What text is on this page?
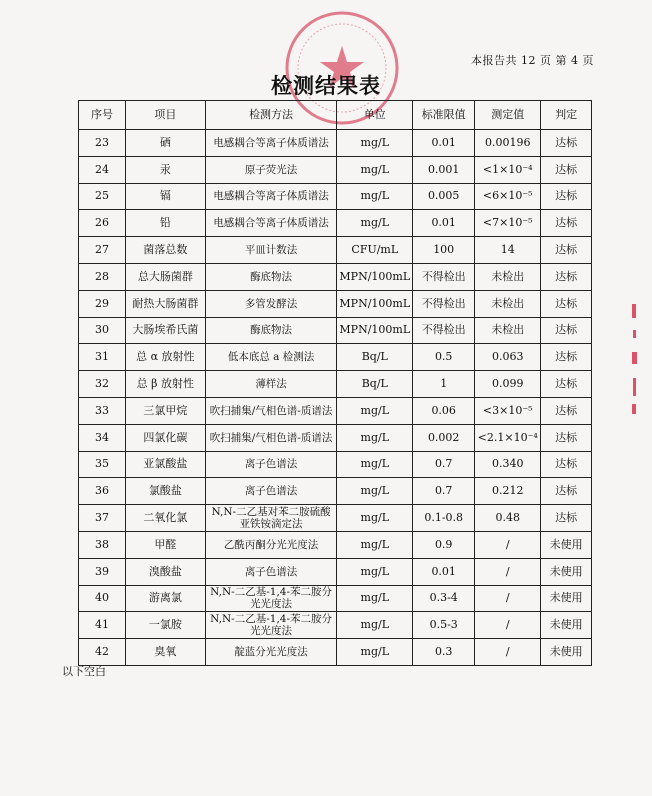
本报告共 12 页 第 4 页
检测结果表
序号	项目	检测方法	单位	标准限值	测定值	判定
23	硒	电感耦合等离子体质谱法	mg/L	0.01	0.00196	达标
24	汞	原子荧光法	mg/L	0.001	<1×10⁻⁴	达标
25	镉	电感耦合等离子体质谱法	mg/L	0.005	<6×10⁻⁵	达标
26	铅	电感耦合等离子体质谱法	mg/L	0.01	<7×10⁻⁵	达标
27	菌落总数	平皿计数法	CFU/mL	100	14	达标
28	总大肠菌群	酶底物法	MPN/100mL	不得检出	未检出	达标
29	耐热大肠菌群	多管发酵法	MPN/100mL	不得检出	未检出	达标
30	大肠埃希氏菌	酶底物法	MPN/100mL	不得检出	未检出	达标
31	总 α 放射性	低本底总 a 检测法	Bq/L	0.5	0.063	达标
32	总 β 放射性	薄样法	Bq/L	1	0.099	达标
33	三氯甲烷	吹扫捕集/气相色谱-质谱法	mg/L	0.06	<3×10⁻⁵	达标
34	四氯化碳	吹扫捕集/气相色谱-质谱法	mg/L	0.002	<2.1×10⁻⁴	达标
35	亚氯酸盐	离子色谱法	mg/L	0.7	0.340	达标
36	氯酸盐	离子色谱法	mg/L	0.7	0.212	达标
37	二氧化氯	N,N-二乙基对苯二胺硫酸亚铁铵滴定法	mg/L	0.1-0.8	0.48	达标
38	甲醛	乙酰丙酮分光光度法	mg/L	0.9	/	未使用
39	溴酸盐	离子色谱法	mg/L	0.01	/	未使用
40	游离氯	N,N-二乙基-1,4-苯二胺分光光度法	mg/L	0.3-4	/	未使用
41	一氯胺	N,N-二乙基-1,4-苯二胺分光光度法	mg/L	0.5-3	/	未使用
42	臭氧	靛蓝分光光度法	mg/L	0.3	/	未使用
以下空白
